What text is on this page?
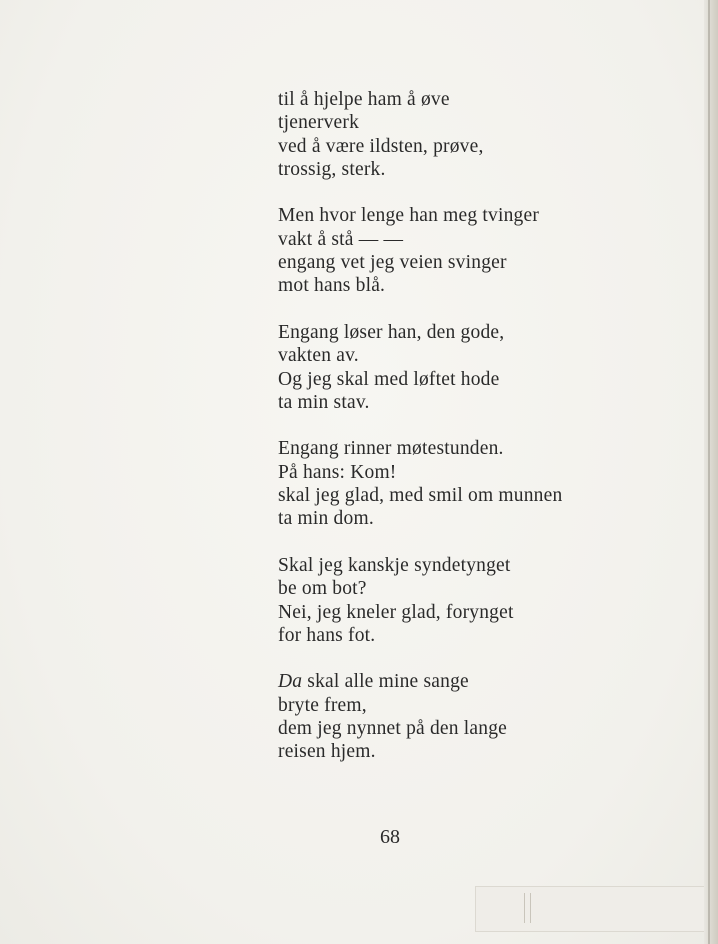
til å hjelpe ham å øve
tjenerverk
ved å være ildsten, prøve,
trossig, sterk.
Men hvor lenge han meg tvinger
vakt å stå — —
engang vet jeg veien svinger
mot hans blå.
Engang løser han, den gode,
vakten av.
Og jeg skal med løftet hode
ta min stav.
Engang rinner møtestunden.
På hans: Kom!
skal jeg glad, med smil om munnen
ta min dom.
Skal jeg kanskje syndetynget
be om bot?
Nei, jeg kneler glad, forynget
for hans fot.
Da skal alle mine sange
bryte frem,
dem jeg nynnet på den lange
reisen hjem.
68
